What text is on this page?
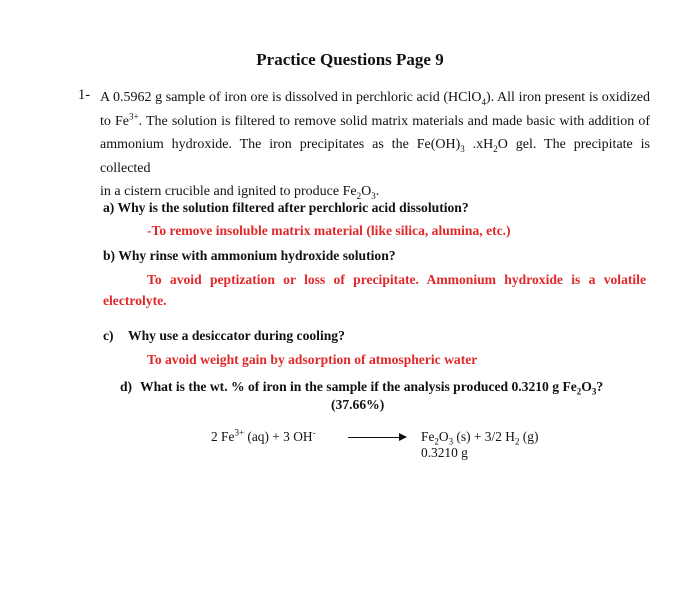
Practice Questions Page 9
1- A 0.5962 g sample of iron ore is dissolved in perchloric acid (HClO$_4$). All iron present is oxidized

to $Fe^{3+}$. The solution is filtered to remove solid matrix materials and made basic with addition of

ammonium hydroxide. The iron precipitates as the $Fe(OH)_3$ $.xH_2O$ gel. The precipitate is collected

in a cistern crucible and ignited to produce $Fe_2O_3$.

a) Why is the solution filtered after perchloric acid dissolution?
-To remove insoluble matrix material (like silica, alumina, etc.)
b) Why rinse with ammonium hydroxide solution?
To avoid peptization or loss of precipitate. Ammonium hydroxide is a volatile
electrolyte.
c) Why use a desiccator during cooling?
To avoid weight gain by adsorption of atmospheric water
d) What is the wt. % of iron in the sample if the analysis produced 0.3210 g $Fe_2O_3$?
(37.66%)
2 $Fe^{3+}$ (aq) + 3 OH-	$Fe_2O_3$ (s) + 3/2 $H_2$ (g)
0.3210 g
